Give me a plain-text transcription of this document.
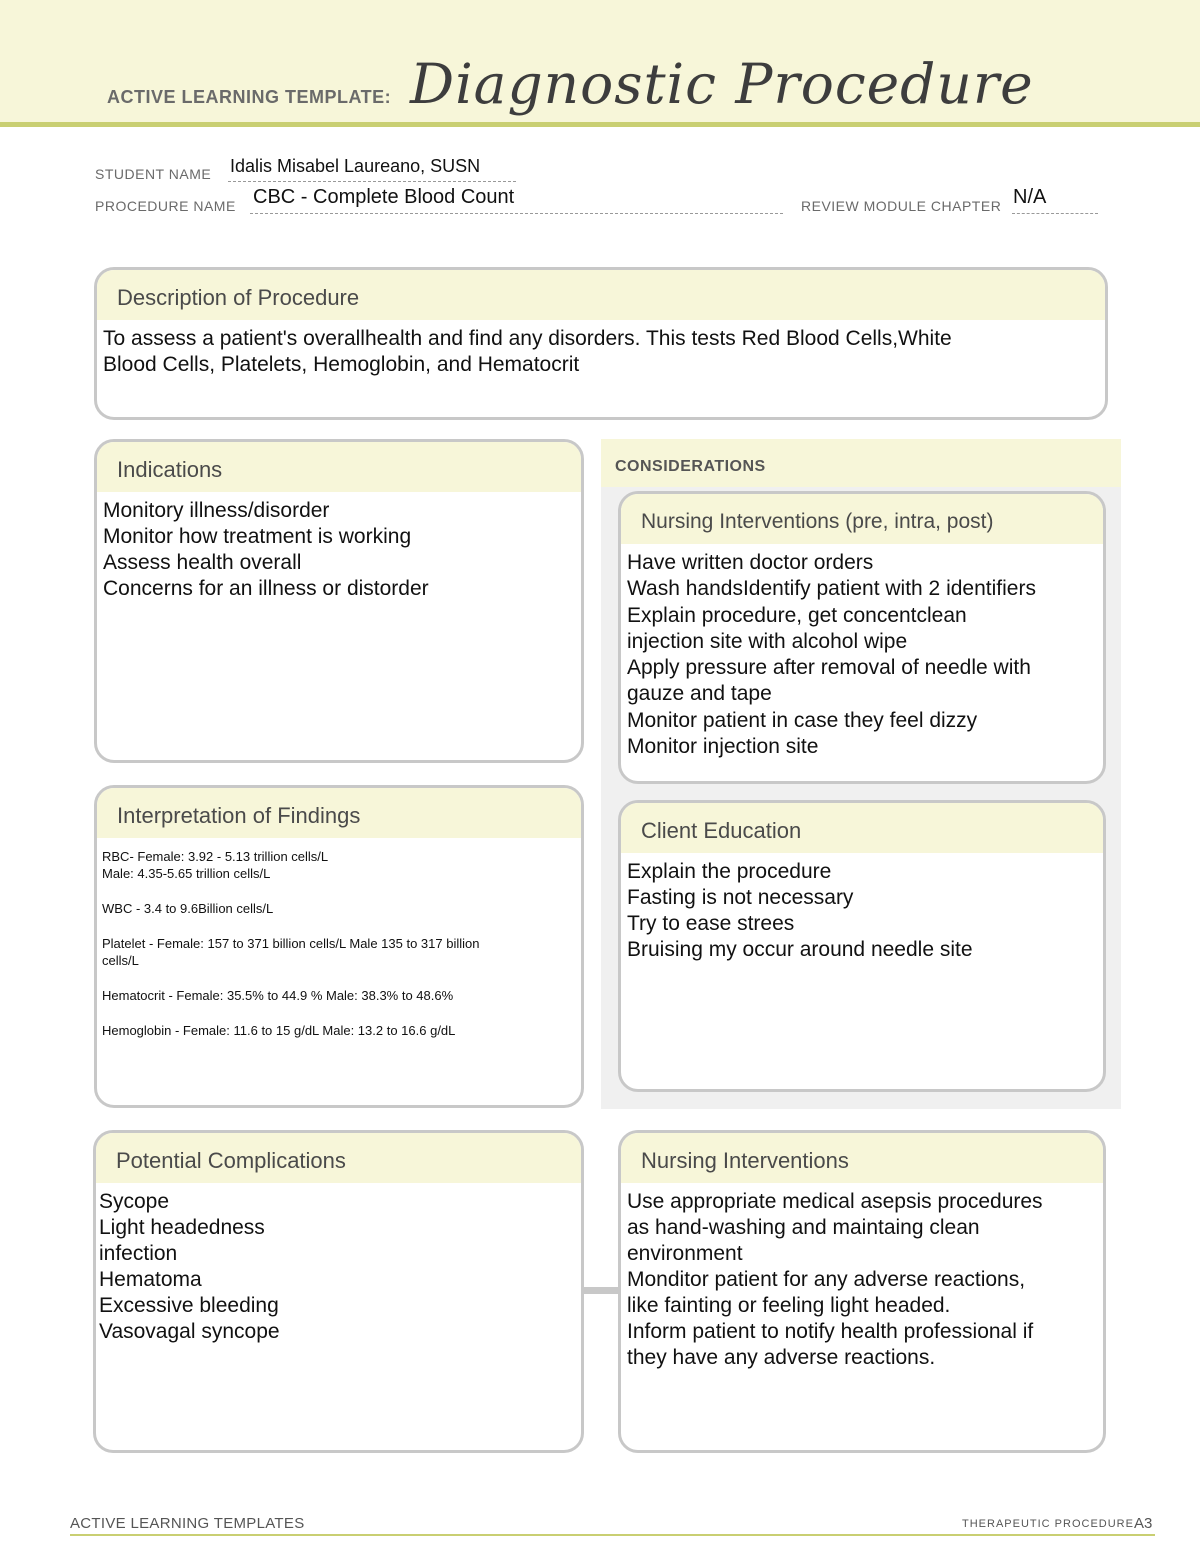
ACTIVE LEARNING TEMPLATE: Diagnostic Procedure
STUDENT NAME Idalis Misabel Laureano, SUSN
PROCEDURE NAME CBC - Complete Blood Count	REVIEW MODULE CHAPTER N/A
Description of Procedure
To assess a patient's overallhealth and find any disorders. This tests Red Blood Cells,White
Blood Cells, Platelets, Hemoglobin, and Hematocrit
Indications
Monitory illness/disorder
Monitor how treatment is working
Assess health overall
Concerns for an illness or distorder
CONSIDERATIONS
Nursing Interventions (pre, intra, post)
Have written doctor orders
Wash handsIdentify patient with 2 identifiers
Explain procedure, get concentclean
injection site with alcohol wipe
Apply pressure after removal of needle with
gauze and tape
Monitor patient in case they feel dizzy
Monitor injection site
Client Education
Explain the procedure
Fasting is not necessary
Try to ease strees
Bruising my occur around needle site
Interpretation of Findings
RBC- Female: 3.92 - 5.13 trillion cells/L
Male: 4.35-5.65 trillion cells/L
WBC - 3.4 to 9.6Billion cells/L
Platelet - Female: 157 to 371 billion cells/L Male 135 to 317 billion
cells/L
Hematocrit - Female: 35.5% to 44.9 % Male: 38.3% to 48.6%
Hemoglobin - Female: 11.6 to 15 g/dL Male: 13.2 to 16.6 g/dL
Potential Complications
Sycope
Light headedness
infection
Hematoma
Excessive bleeding
Vasovagal syncope
Nursing Interventions
Use appropriate medical asepsis procedures
as hand-washing and maintaing clean
environment
Monditor patient for any adverse reactions,
like fainting or feeling light headed.
Inform patient to notify health professional if
they have any adverse reactions.
ACTIVE LEARNING TEMPLATES	THERAPEUTIC PROCEDURE A3
